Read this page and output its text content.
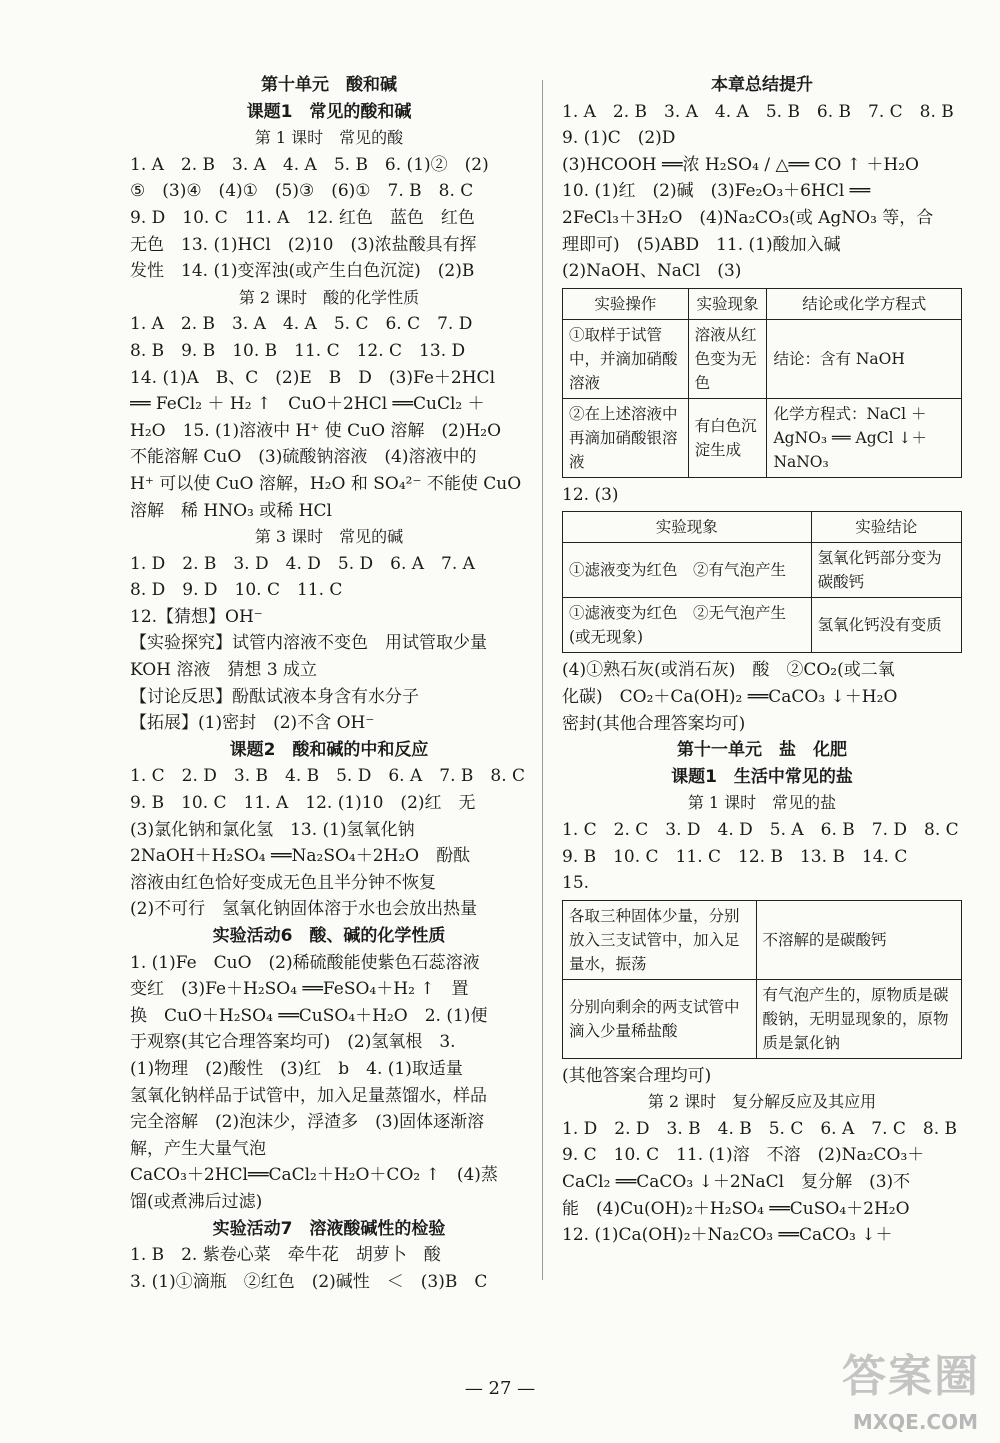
第十单元　酸和碱
课题1　常见的酸和碱
第 1 课时　常见的酸
1. A　2. B　3. A　4. A　5. B　6. (1)②　(2)
⑤　(3)④　(4)①　(5)③　(6)①　7. B　8. C
9. D　10. C　11. A　12. 红色　蓝色　红色
无色　13. (1)HCl　(2)10　(3)浓盐酸具有挥
发性　14. (1)变浑浊(或产生白色沉淀)　(2)B
第 2 课时　酸的化学性质
1. A　2. B　3. A　4. A　5. C　6. C　7. D
8. B　9. B　10. B　11. C　12. C　13. D
14. (1)A　B、C　(2)E　B　D　(3)Fe＋2HCl
══ FeCl₂ ＋ H₂ ↑　CuO＋2HCl ══CuCl₂ ＋
H₂O　15. (1)溶液中 H⁺ 使 CuO 溶解　(2)H₂O
不能溶解 CuO　(3)硫酸钠溶液　(4)溶液中的
H⁺ 可以使 CuO 溶解，H₂O 和 SO₄²⁻ 不能使 CuO
溶解　稀 HNO₃ 或稀 HCl
第 3 课时　常见的碱
1. D　2. B　3. D　4. D　5. D　6. A　7. A
8. D　9. D　10. C　11. C
12.【猜想】OH⁻
【实验探究】试管内溶液不变色　用试管取少量
KOH 溶液　猜想 3 成立
【讨论反思】酚酞试液本身含有水分子
【拓展】(1)密封　(2)不含 OH⁻
课题2　酸和碱的中和反应
1. C　2. D　3. B　4. B　5. D　6. A　7. B　8. C
9. B　10. C　11. A　12. (1)10　(2)红　无
(3)氯化钠和氯化氢　13. (1)氢氧化钠
2NaOH＋H₂SO₄ ══Na₂SO₄＋2H₂O　酚酞
溶液由红色恰好变成无色且半分钟不恢复
(2)不可行　氢氧化钠固体溶于水也会放出热量
实验活动6　酸、碱的化学性质
1. (1)Fe　CuO　(2)稀硫酸能使紫色石蕊溶液
变红　(3)Fe＋H₂SO₄ ══FeSO₄＋H₂ ↑　置
换　CuO＋H₂SO₄ ══CuSO₄＋H₂O　2. (1)便
于观察(其它合理答案均可)　(2)氢氧根　3.
(1)物理　(2)酸性　(3)红　b　4. (1)取适量
氢氧化钠样品于试管中，加入足量蒸馏水，样品
完全溶解　(2)泡沫少，浮渣多　(3)固体逐渐溶
解，产生大量气泡
CaCO₃＋2HCl══CaCl₂＋H₂O＋CO₂ ↑　(4)蒸
馏(或煮沸后过滤)
实验活动7　溶液酸碱性的检验
1. B　2. 紫卷心菜　牵牛花　胡萝卜　酸
3. (1)①滴瓶　②红色　(2)碱性　＜　(3)B　C
本章总结提升
1. A　2. B　3. A　4. A　5. B　6. B　7. C　8. B
9. (1)C　(2)D
(3)HCOOH ══浓 H₂SO₄ / △══ CO ↑ ＋H₂O
10. (1)红　(2)碱　(3)Fe₂O₃＋6HCl ══
2FeCl₃＋3H₂O　(4)Na₂CO₃(或 AgNO₃ 等，合
理即可)　(5)ABD　11. (1)酸加入碱
(2)NaOH、NaCl　(3)
实验操作	实验现象	结论或化学方程式
①取样于试管中，并滴加硝酸溶液	溶液从红色变为无色	结论：含有 NaOH
②在上述溶液中再滴加硝酸银溶液	有白色沉淀生成	化学方程式：NaCl ＋ AgNO₃ ══ AgCl ↓＋NaNO₃
12. (3)
实验现象	实验结论
①滤液变为红色　②有气泡产生	氢氧化钙部分变为碳酸钙
①滤液变为红色　②无气泡产生(或无现象)	氢氧化钙没有变质
(4)①熟石灰(或消石灰)　酸　②CO₂(或二氧
化碳)　CO₂＋Ca(OH)₂ ══CaCO₃ ↓＋H₂O
密封(其他合理答案均可)
第十一单元　盐　化肥
课题1　生活中常见的盐
第 1 课时　常见的盐
1. C　2. C　3. D　4. D　5. A　6. B　7. D　8. C
9. B　10. C　11. C　12. B　13. B　14. C
15.
各取三种固体少量，分别放入三支试管中，加入足量水，振荡	不溶解的是碳酸钙
分别向剩余的两支试管中滴入少量稀盐酸	有气泡产生的，原物质是碳酸钠，无明显现象的，原物质是氯化钠
(其他答案合理均可)
第 2 课时　复分解反应及其应用
1. D　2. D　3. B　4. B　5. C　6. A　7. C　8. B
9. C　10. C　11. (1)溶　不溶　(2)Na₂CO₃＋
CaCl₂ ══CaCO₃ ↓＋2NaCl　复分解　(3)不
能　(4)Cu(OH)₂＋H₂SO₄ ══CuSO₄＋2H₂O
12. (1)Ca(OH)₂＋Na₂CO₃ ══CaCO₃ ↓＋
— 27 —	答案圈
MXQE.COM
